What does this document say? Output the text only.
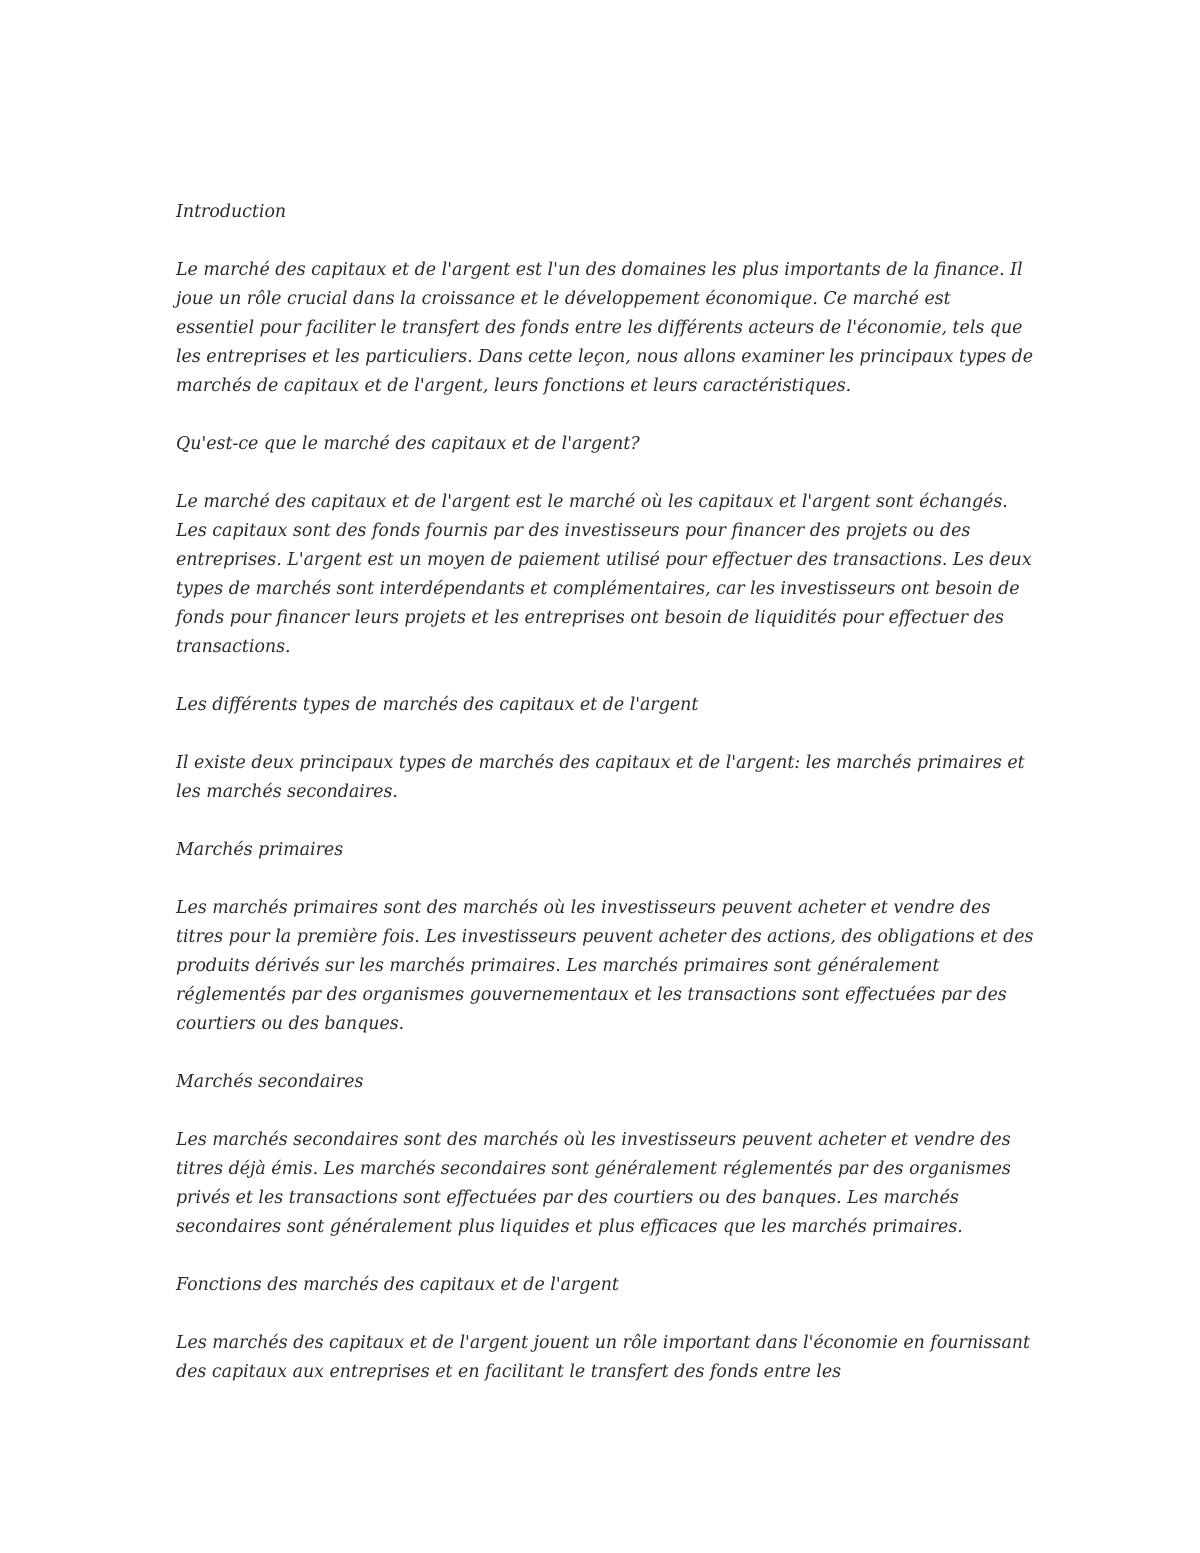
Introduction

Le marché des capitaux et de l'argent est l'un des domaines les plus importants de la finance. Il joue un rôle crucial dans la croissance et le développement économique. Ce marché est essentiel pour faciliter le transfert des fonds entre les différents acteurs de l'économie, tels que les entreprises et les particuliers. Dans cette leçon, nous allons examiner les principaux types de marchés de capitaux et de l'argent, leurs fonctions et leurs caractéristiques.

Qu'est-ce que le marché des capitaux et de l'argent?

Le marché des capitaux et de l'argent est le marché où les capitaux et l'argent sont échangés. Les capitaux sont des fonds fournis par des investisseurs pour financer des projets ou des entreprises. L'argent est un moyen de paiement utilisé pour effectuer des transactions. Les deux types de marchés sont interdépendants et complémentaires, car les investisseurs ont besoin de fonds pour financer leurs projets et les entreprises ont besoin de liquidités pour effectuer des transactions.

Les différents types de marchés des capitaux et de l'argent

Il existe deux principaux types de marchés des capitaux et de l'argent: les marchés primaires et les marchés secondaires.

Marchés primaires

Les marchés primaires sont des marchés où les investisseurs peuvent acheter et vendre des titres pour la première fois. Les investisseurs peuvent acheter des actions, des obligations et des produits dérivés sur les marchés primaires. Les marchés primaires sont généralement réglementés par des organismes gouvernementaux et les transactions sont effectuées par des courtiers ou des banques.

Marchés secondaires

Les marchés secondaires sont des marchés où les investisseurs peuvent acheter et vendre des titres déjà émis. Les marchés secondaires sont généralement réglementés par des organismes privés et les transactions sont effectuées par des courtiers ou des banques. Les marchés secondaires sont généralement plus liquides et plus efficaces que les marchés primaires.

Fonctions des marchés des capitaux et de l'argent

Les marchés des capitaux et de l'argent jouent un rôle important dans l'économie en fournissant des capitaux aux entreprises et en facilitant le transfert des fonds entre les
